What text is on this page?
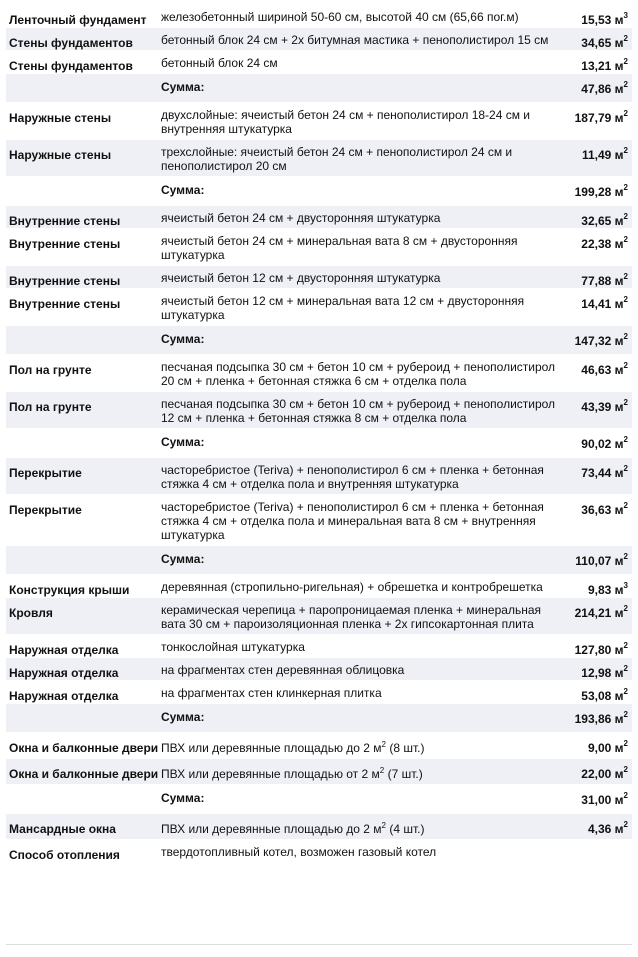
Ленточный фундамент	железобетонный шириной 50-60 см, высотой 40 см (65,66 пог.м)	15,53 $м^3$
Стены фундаментов	бетонный блок 24 см + 2х битумная мастика + пенополистирол 15 см	34,65 $м^2$
Стены фундаментов	бетонный блок 24 см	13,21 $м^2$
	Сумма:	47,86 $м^2$
Наружные стены	двухслойные: ячеистый бетон 24 см + пенополистирол 18-24 см и внутренняя штукатурка	187,79 $м^2$
Наружные стены	трехслойные: ячеистый бетон 24 см + пенополистирол 24 см и пенополистирол 20 см	11,49 $м^2$
	Сумма:	199,28 $м^2$
Внутренние стены	ячеистый бетон 24 см + двусторонняя штукатурка	32,65 $м^2$
Внутренние стены	ячеистый бетон 24 см + минеральная вата 8 см + двусторонняя штукатурка	22,38 $м^2$
Внутренние стены	ячеистый бетон 12 см + двусторонняя штукатурка	77,88 $м^2$
Внутренние стены	ячеистый бетон 12 см + минеральная вата 12 см + двусторонняя штукатурка	14,41 $м^2$
	Сумма:	147,32 $м^2$
Пол на грунте	песчаная подсыпка 30 см + бетон 10 см + рубероид + пенополистирол 20 см + пленка + бетонная стяжка 6 см + отделка пола	46,63 $м^2$
Пол на грунте	песчаная подсыпка 30 см + бетон 10 см + рубероид + пенополистирол 12 см + пленка + бетонная стяжка 8 см + отделка пола	43,39 $м^2$
	Сумма:	90,02 $м^2$
Перекрытие	часторебристое (Teriva) + пенополистирол 6 см + пленка + бетонная стяжка 4 см + отделка пола и внутренняя штукатурка	73,44 $м^2$
Перекрытие	часторебристое (Teriva) + пенополистирол 6 см + пленка + бетонная стяжка 4 см + отделка пола и минеральная вата 8 см + внутренняя штукатурка	36,63 $м^2$
	Сумма:	110,07 $м^2$
Конструкция крыши	деревянная (стропильно-ригельная) + обрешетка и контробрешетка	9,83 $м^3$
Кровля	керамическая черепица + паропроницаемая пленка + минеральная вата 30 см + пароизоляционная пленка + 2х гипсокартонная плита	214,21 $м^2$
Наружная отделка	тонкослойная штукатурка	127,80 $м^2$
Наружная отделка	на фрагментах стен деревянная облицовка	12,98 $м^2$
Наружная отделка	на фрагментах стен клинкерная плитка	53,08 $м^2$
	Сумма:	193,86 $м^2$
Окна и балконные двери	ПВХ или деревянные площадью до 2 $м^2$ (8 шт.)	9,00 $м^2$
Окна и балконные двери	ПВХ или деревянные площадью от 2 $м^2$ (7 шт.)	22,00 $м^2$
	Сумма:	31,00 $м^2$
Мансардные окна	ПВХ или деревянные площадью до 2 $м^2$ (4 шт.)	4,36 $м^2$
Способ отопления	твердотопливный котел, возможен газовый котел	
